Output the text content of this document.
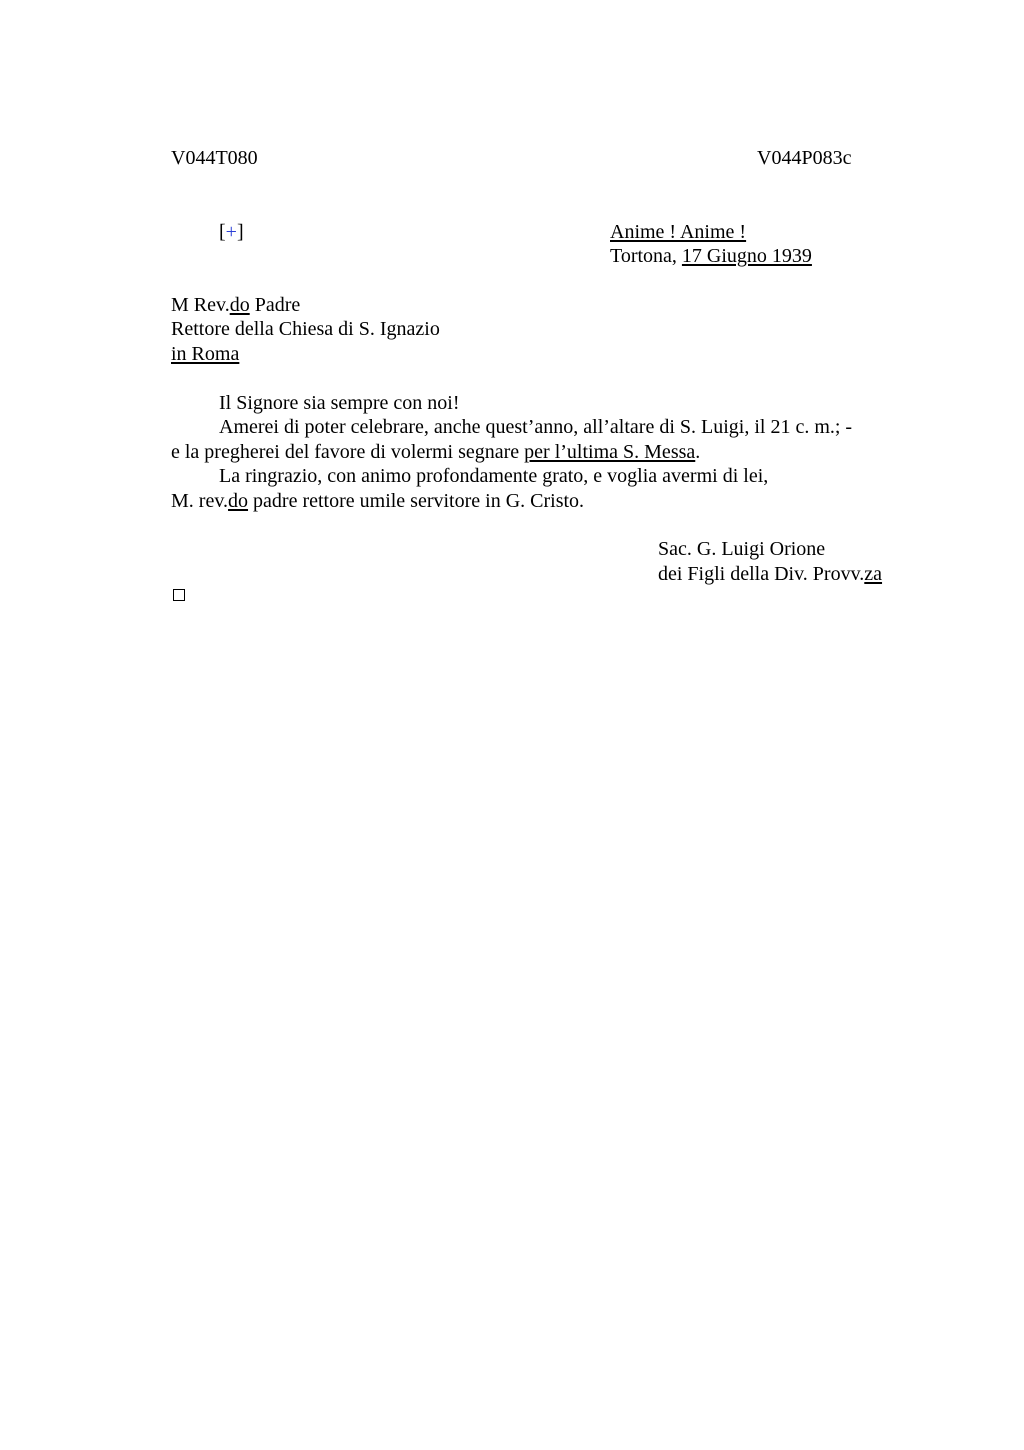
V044T080	V044P083c
[+]	Anime ! Anime !
Tortona, 17 Giugno 1939
M Rev.do Padre
Rettore della Chiesa di S. Ignazio
in Roma
Il Signore sia sempre con noi!
Amerei di poter celebrare, anche quest’anno, all’altare di S. Luigi, il 21 c. m.; -
e la pregherei del favore di volermi segnare per l’ultima S. Messa.
La ringrazio, con animo profondamente grato, e voglia avermi di lei,
M. rev.do padre rettore umile servitore in G. Cristo.
Sac. G. Luigi Orione
dei Figli della Div. Provv.za
